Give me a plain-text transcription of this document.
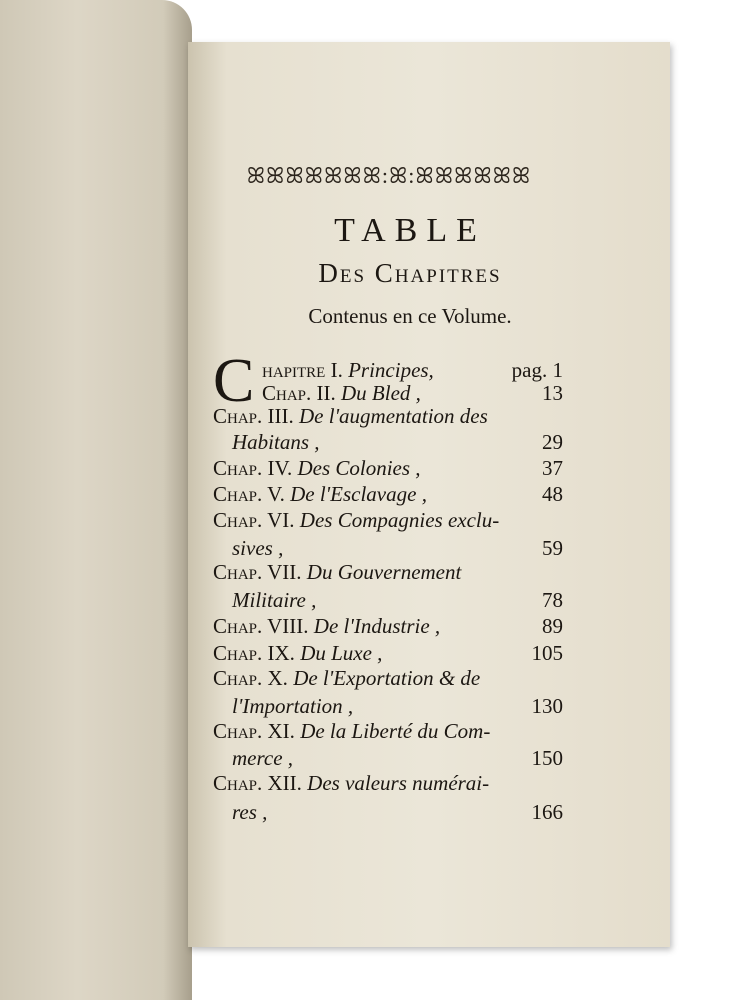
ꕤꕤꕤꕤꕤꕤꕤ:ꕤ:ꕤꕤꕤꕤꕤꕤ
TABLE
Des Chapitres
Contenus en ce Volume.
C hapitre I. Principes,	pag. 1
Chap. II. Du Bled ,	13
Chap. III. De l'augmentation des
Habitans ,	29
Chap. IV. Des Colonies ,	37
Chap. V. De l'Esclavage ,	48
Chap. VI. Des Compagnies exclu-
sives ,	59
Chap. VII. Du Gouvernement
Militaire ,	78
Chap. VIII. De l'Industrie ,	89
Chap. IX. Du Luxe ,	105
Chap. X. De l'Exportation & de
l'Importation ,	130
Chap. XI. De la Liberté du Com-
merce ,	150
Chap. XII. Des valeurs numérai-
res ,	166
